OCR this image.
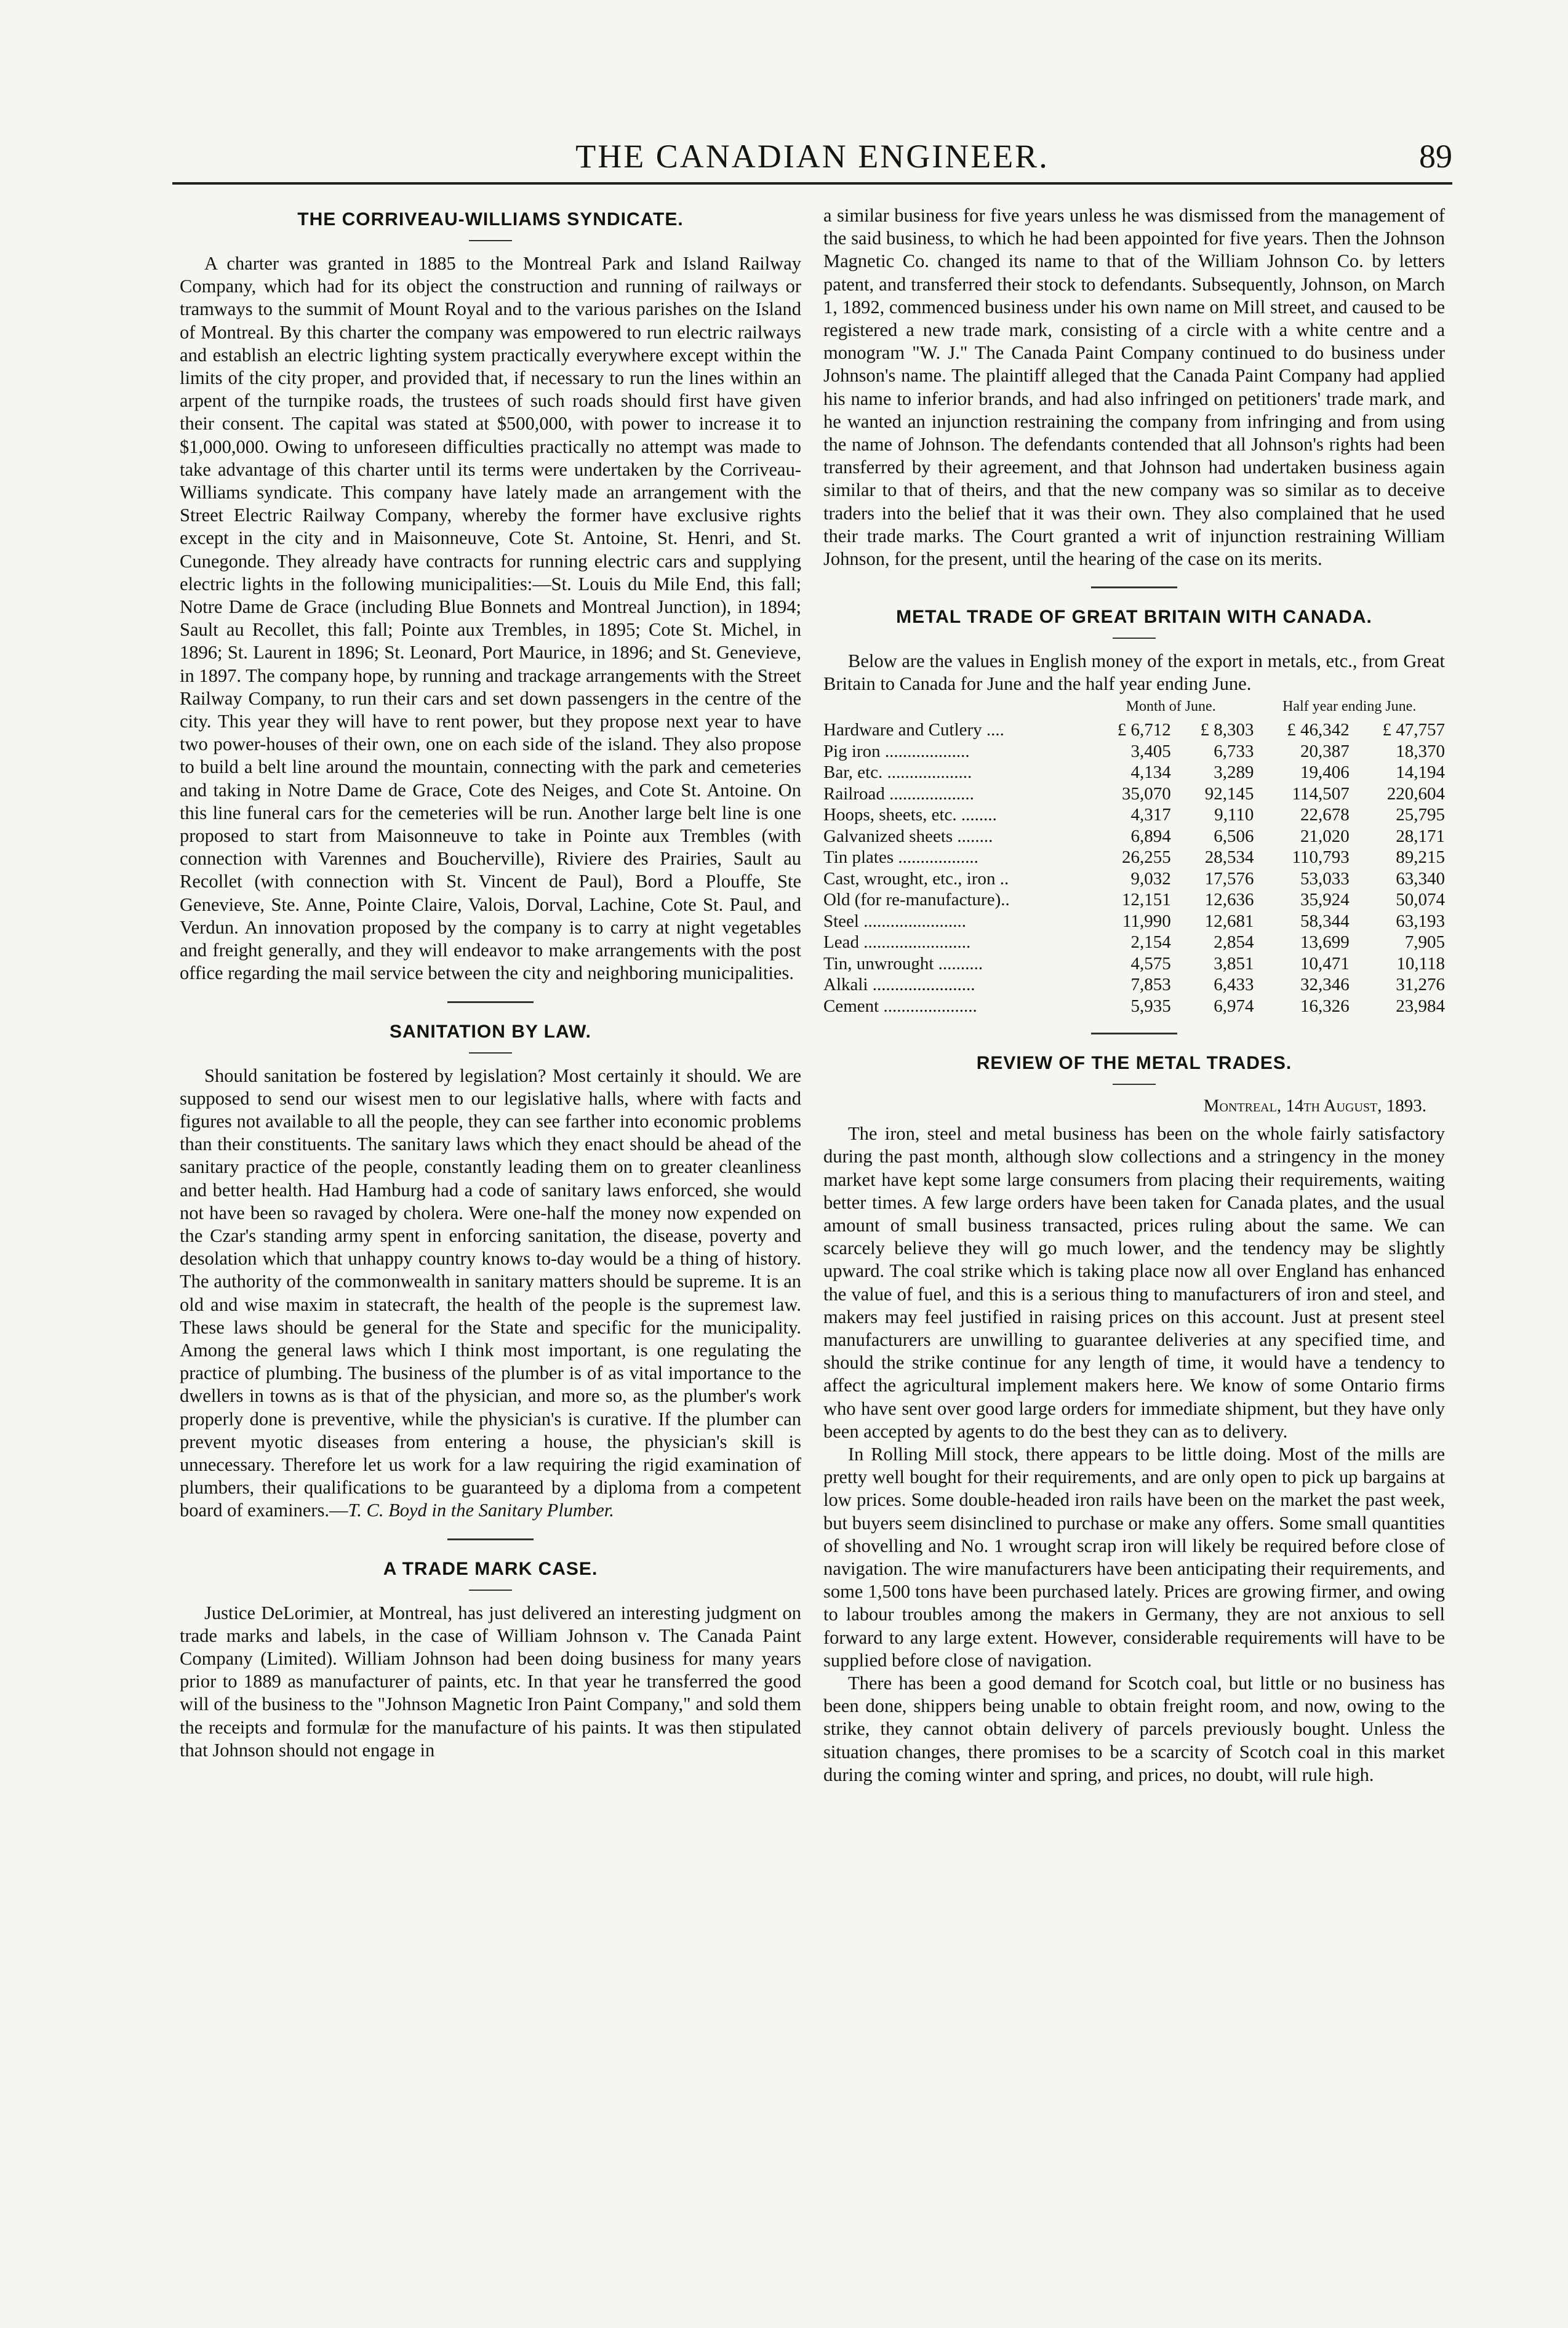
THE CANADIAN ENGINEER.	89
THE CORRIVEAU-WILLIAMS SYNDICATE.

A charter was granted in 1885 to the Montreal Park and Island Railway Company, which had for its object the construction and running of railways or tramways to the summit of Mount Royal and to the various parishes on the Island of Montreal. By this charter the company was empowered to run electric railways and establish an electric lighting system practically everywhere except within the limits of the city proper, and provided that, if necessary to run the lines within an arpent of the turnpike roads, the trustees of such roads should first have given their consent. The capital was stated at $500,000, with power to increase it to $1,000,000. Owing to unforeseen difficulties practically no attempt was made to take advantage of this charter until its terms were undertaken by the Corriveau-Williams syndicate. This company have lately made an arrangement with the Street Electric Railway Company, whereby the former have exclusive rights except in the city and in Maisonneuve, Cote St. Antoine, St. Henri, and St. Cunegonde. They already have contracts for running electric cars and supplying electric lights in the following municipalities:—St. Louis du Mile End, this fall; Notre Dame de Grace (including Blue Bonnets and Montreal Junction), in 1894; Sault au Recollet, this fall; Pointe aux Trembles, in 1895; Cote St. Michel, in 1896; St. Laurent in 1896; St. Leonard, Port Maurice, in 1896; and St. Genevieve, in 1897. The company hope, by running and trackage arrangements with the Street Railway Company, to run their cars and set down passengers in the centre of the city. This year they will have to rent power, but they propose next year to have two power-houses of their own, one on each side of the island. They also propose to build a belt line around the mountain, connecting with the park and cemeteries and taking in Notre Dame de Grace, Cote des Neiges, and Cote St. Antoine. On this line funeral cars for the cemeteries will be run. Another large belt line is one proposed to start from Maisonneuve to take in Pointe aux Trembles (with connection with Varennes and Boucherville), Riviere des Prairies, Sault au Recollet (with connection with St. Vincent de Paul), Bord a Plouffe, Ste Genevieve, Ste. Anne, Pointe Claire, Valois, Dorval, Lachine, Cote St. Paul, and Verdun. An innovation proposed by the company is to carry at night vegetables and freight generally, and they will endeavor to make arrangements with the post office regarding the mail service between the city and neighboring municipalities.

SANITATION BY LAW.

Should sanitation be fostered by legislation? Most certainly it should. We are supposed to send our wisest men to our legislative halls, where with facts and figures not available to all the people, they can see farther into economic problems than their constituents. The sanitary laws which they enact should be ahead of the sanitary practice of the people, constantly leading them on to greater cleanliness and better health. Had Hamburg had a code of sanitary laws enforced, she would not have been so ravaged by cholera. Were one-half the money now expended on the Czar's standing army spent in enforcing sanitation, the disease, poverty and desolation which that unhappy country knows to-day would be a thing of history. The authority of the commonwealth in sanitary matters should be supreme. It is an old and wise maxim in statecraft, the health of the people is the supremest law. These laws should be general for the State and specific for the municipality. Among the general laws which I think most important, is one regulating the practice of plumbing. The business of the plumber is of as vital importance to the dwellers in towns as is that of the physician, and more so, as the plumber's work properly done is preventive, while the physician's is curative. If the plumber can prevent myotic diseases from entering a house, the physician's skill is unnecessary. Therefore let us work for a law requiring the rigid examination of plumbers, their qualifications to be guaranteed by a diploma from a competent board of examiners.—T. C. Boyd in the Sanitary Plumber.

A TRADE MARK CASE.

Justice DeLorimier, at Montreal, has just delivered an interesting judgment on trade marks and labels, in the case of William Johnson v. The Canada Paint Company (Limited). William Johnson had been doing business for many years prior to 1889 as manufacturer of paints, etc. In that year he transferred the good will of the business to the "Johnson Magnetic Iron Paint Company," and sold them the receipts and formulæ for the manufacture of his paints. It was then stipulated that Johnson should not engage in

a similar business for five years unless he was dismissed from the management of the said business, to which he had been appointed for five years. Then the Johnson Magnetic Co. changed its name to that of the William Johnson Co. by letters patent, and transferred their stock to defendants. Subsequently, Johnson, on March 1, 1892, commenced business under his own name on Mill street, and caused to be registered a new trade mark, consisting of a circle with a white centre and a monogram "W. J." The Canada Paint Company continued to do business under Johnson's name. The plaintiff alleged that the Canada Paint Company had applied his name to inferior brands, and had also infringed on petitioners' trade mark, and he wanted an injunction restraining the company from infringing and from using the name of Johnson. The defendants contended that all Johnson's rights had been transferred by their agreement, and that Johnson had undertaken business again similar to that of theirs, and that the new company was so similar as to deceive traders into the belief that it was their own. They also complained that he used their trade marks. The Court granted a writ of injunction restraining William Johnson, for the present, until the hearing of the case on its merits.

METAL TRADE OF GREAT BRITAIN WITH CANADA.

Below are the values in English money of the export in metals, etc., from Great Britain to Canada for June and the half year ending June.

	Month of June.		Half year ending June.	
Hardware and Cutlery ....	£ 6,712	£ 8,303	£ 46,342	£ 47,757
Pig iron ...................	3,405	6,733	20,387	18,370
Bar, etc. ...................	4,134	3,289	19,406	14,194
Railroad ...................	35,070	92,145	114,507	220,604
Hoops, sheets, etc. ........	4,317	9,110	22,678	25,795
Galvanized sheets ........	6,894	6,506	21,020	28,171
Tin plates ..................	26,255	28,534	110,793	89,215
Cast, wrought, etc., iron ..	9,032	17,576	53,033	63,340
Old (for re-manufacture)..	12,151	12,636	35,924	50,074
Steel .......................	11,990	12,681	58,344	63,193
Lead ........................	2,154	2,854	13,699	7,905
Tin, unwrought ..........	4,575	3,851	10,471	10,118
Alkali .......................	7,853	6,433	32,346	31,276
Cement .....................	5,935	6,974	16,326	23,984
REVIEW OF THE METAL TRADES.

Montreal, 14th August, 1893.

The iron, steel and metal business has been on the whole fairly satisfactory during the past month, although slow collections and a stringency in the money market have kept some large consumers from placing their requirements, waiting better times. A few large orders have been taken for Canada plates, and the usual amount of small business transacted, prices ruling about the same. We can scarcely believe they will go much lower, and the tendency may be slightly upward. The coal strike which is taking place now all over England has enhanced the value of fuel, and this is a serious thing to manufacturers of iron and steel, and makers may feel justified in raising prices on this account. Just at present steel manufacturers are unwilling to guarantee deliveries at any specified time, and should the strike continue for any length of time, it would have a tendency to affect the agricultural implement makers here. We know of some Ontario firms who have sent over good large orders for immediate shipment, but they have only been accepted by agents to do the best they can as to delivery.

In Rolling Mill stock, there appears to be little doing. Most of the mills are pretty well bought for their requirements, and are only open to pick up bargains at low prices. Some double-headed iron rails have been on the market the past week, but buyers seem disinclined to purchase or make any offers. Some small quantities of shovelling and No. 1 wrought scrap iron will likely be required before close of navigation. The wire manufacturers have been anticipating their requirements, and some 1,500 tons have been purchased lately. Prices are growing firmer, and owing to labour troubles among the makers in Germany, they are not anxious to sell forward to any large extent. However, considerable requirements will have to be supplied before close of navigation.

There has been a good demand for Scotch coal, but little or no business has been done, shippers being unable to obtain freight room, and now, owing to the strike, they cannot obtain delivery of parcels previously bought. Unless the situation changes, there promises to be a scarcity of Scotch coal in this market during the coming winter and spring, and prices, no doubt, will rule high.
